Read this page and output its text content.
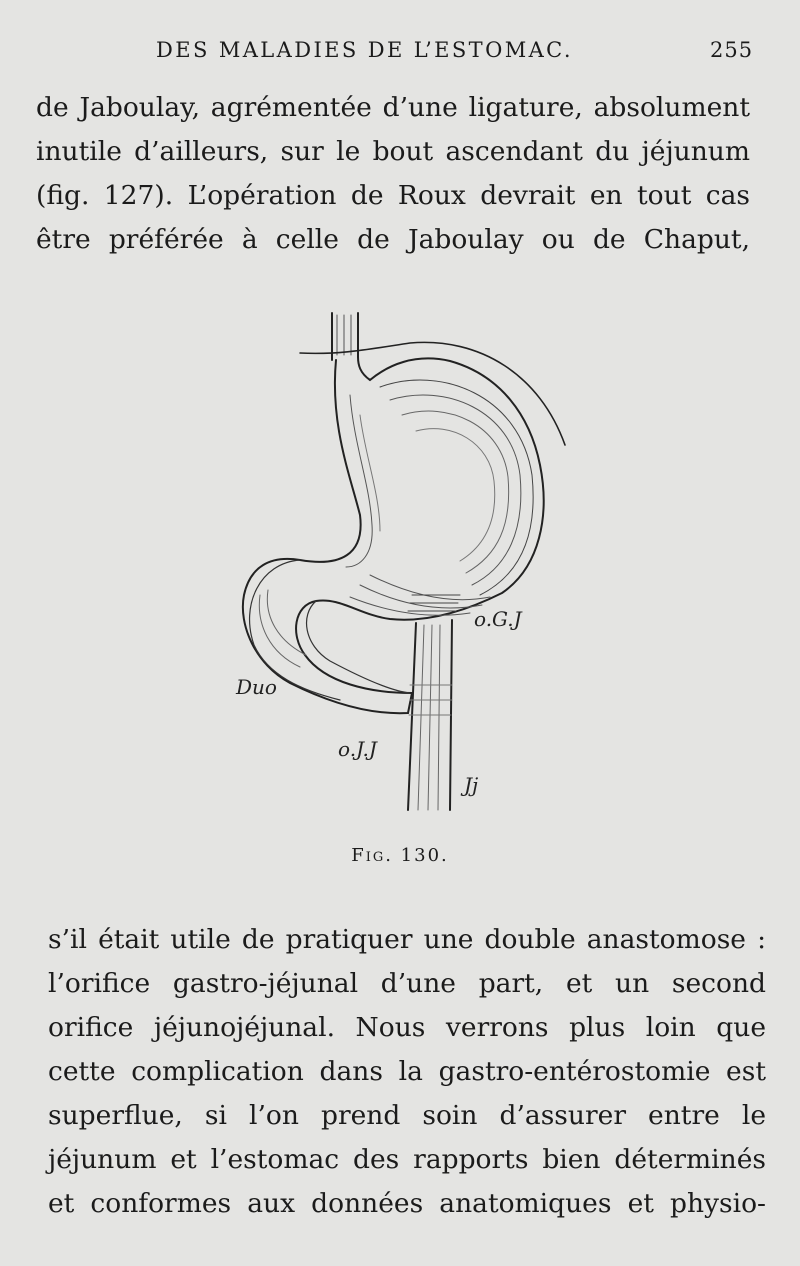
DES MALADIES DE L’ESTOMAC.	255

de Jaboulay, agrémentée d’une ligature, absolument
inutile d’ailleurs, sur le bout ascendant du jéjunum
(fig. 127). L’opération de Roux devrait en tout cas
être préférée à celle de Jaboulay ou de Chaput,

o.G.J
Duo
o.J.J
Jj
Fig. 130.

s’il était utile de pratiquer une double anastomose :
l’orifice gastro-jéjunal d’une part, et un second
orifice jéjunojéjunal. Nous verrons plus loin que
cette complication dans la gastro-entérostomie est
superflue, si l’on prend soin d’assurer entre le
jéjunum et l’estomac des rapports bien déterminés
et conformes aux données anatomiques et physio-
